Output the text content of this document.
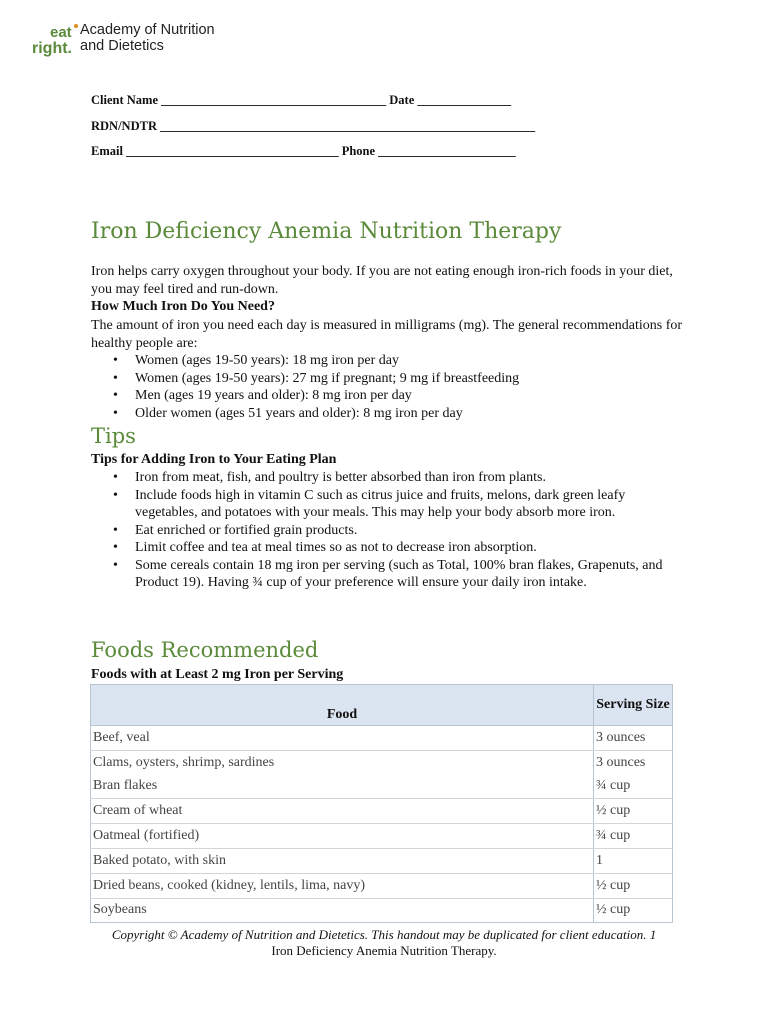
eat
right.
Academy of Nutrition
and Dietetics
Client Name ____________________________________ Date _______________
RDN/NDTR ____________________________________________________________
Email __________________________________ Phone ______________________
Iron Deficiency Anemia Nutrition Therapy
Iron helps carry oxygen throughout your body. If you are not eating enough iron-rich foods in your diet, you may feel tired and run-down.
How Much Iron Do You Need?
The amount of iron you need each day is measured in milligrams (mg). The general recommendations for healthy people are:
• Women (ages 19-50 years): 18 mg iron per day
• Women (ages 19-50 years): 27 mg if pregnant; 9 mg if breastfeeding
• Men (ages 19 years and older): 8 mg iron per day
• Older women (ages 51 years and older): 8 mg iron per day
Tips
Tips for Adding Iron to Your Eating Plan
• Iron from meat, fish, and poultry is better absorbed than iron from plants.
• Include foods high in vitamin C such as citrus juice and fruits, melons, dark green leafy vegetables, and potatoes with your meals. This may help your body absorb more iron.
• Eat enriched or fortified grain products.
• Limit coffee and tea at meal times so as not to decrease iron absorption.
• Some cereals contain 18 mg iron per serving (such as Total, 100% bran flakes, Grapenuts, and Product 19). Having ¾ cup of your preference will ensure your daily iron intake.
Foods Recommended
Foods with at Least 2 mg Iron per Serving
Food	Serving Size
Beef, veal	3 ounces
Clams, oysters, shrimp, sardines	3 ounces
Bran flakes	¾ cup
Cream of wheat	½ cup
Oatmeal (fortified)	¾ cup
Baked potato, with skin	1
Dried beans, cooked (kidney, lentils, lima, navy)	½ cup
Soybeans	½ cup
Copyright © Academy of Nutrition and Dietetics. This handout may be duplicated for client education. 1
Iron Deficiency Anemia Nutrition Therapy.
